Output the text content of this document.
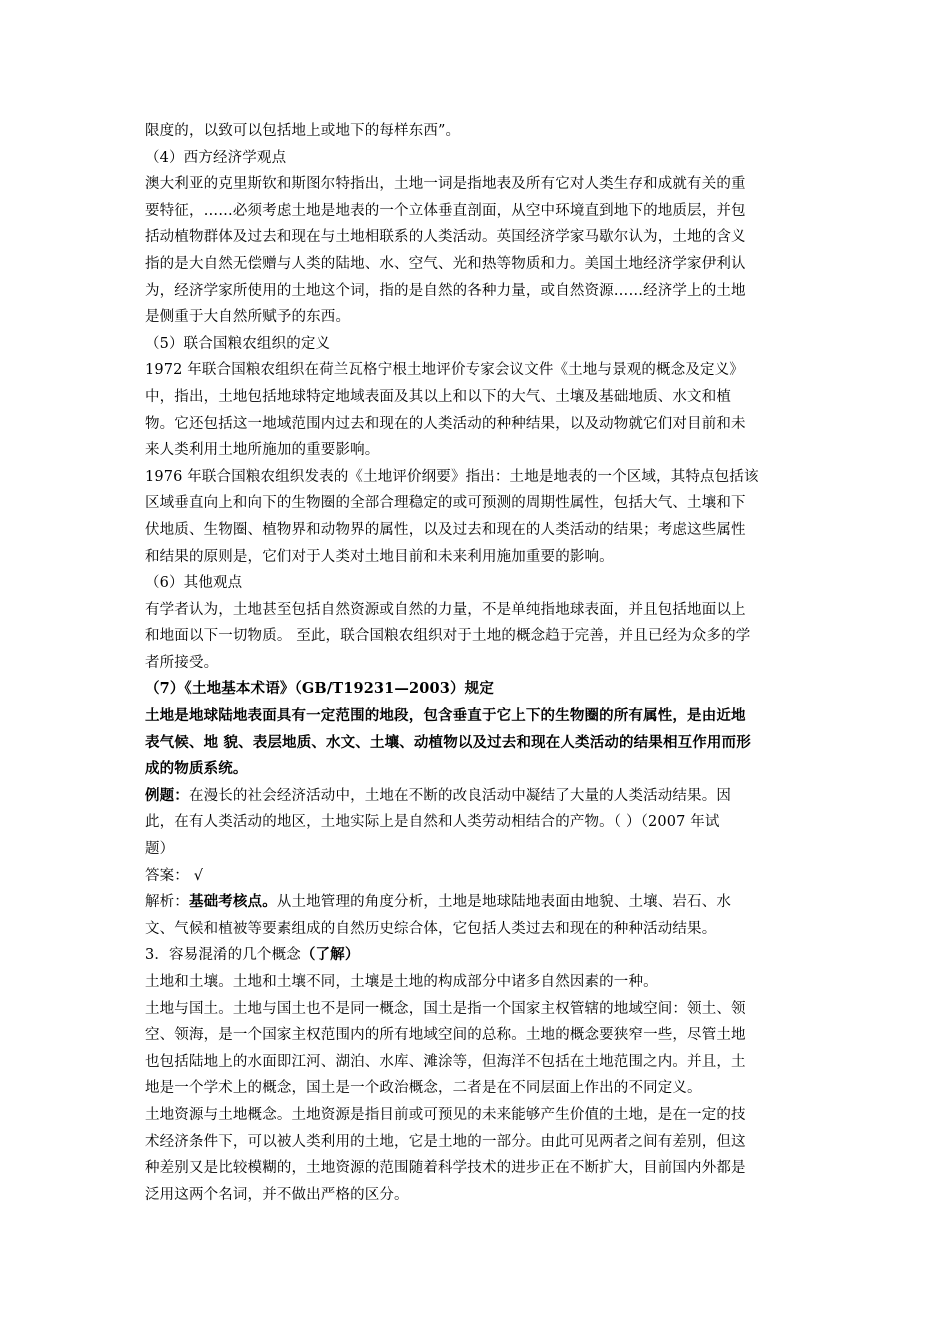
限度的，以致可以包括地上或地下的每样东西”。
（4）西方经济学观点
澳大利亚的克里斯钦和斯图尔特指出，土地一词是指地表及所有它对人类生存和成就有关的重
要特征，……必须考虑土地是地表的一个立体垂直剖面，从空中环境直到地下的地质层，并包
括动植物群体及过去和现在与土地相联系的人类活动。英国经济学家马歇尔认为，土地的含义
指的是大自然无偿赠与人类的陆地、水、空气、光和热等物质和力。美国土地经济学家伊利认
为，经济学家所使用的土地这个词，指的是自然的各种力量，或自然资源……经济学上的土地
是侧重于大自然所赋予的东西。
（5）联合国粮农组织的定义
1972 年联合国粮农组织在荷兰瓦格宁根土地评价专家会议文件《土地与景观的概念及定义》
中，指出，土地包括地球特定地域表面及其以上和以下的大气、土壤及基础地质、水文和植
物。它还包括这一地域范围内过去和现在的人类活动的种种结果，以及动物就它们对目前和未
来人类利用土地所施加的重要影响。
1976 年联合国粮农组织发表的《土地评价纲要》指出：土地是地表的一个区域，其特点包括该
区域垂直向上和向下的生物圈的全部合理稳定的或可预测的周期性属性，包括大气、土壤和下
伏地质、生物圈、植物界和动物界的属性，以及过去和现在的人类活动的结果；考虑这些属性
和结果的原则是，它们对于人类对土地目前和未来利用施加重要的影响。
（6）其他观点
有学者认为，土地甚至包括自然资源或自然的力量，不是单纯指地球表面，并且包括地面以上
和地面以下一切物质。 至此，联合国粮农组织对于土地的概念趋于完善，并且已经为众多的学
者所接受。
（7）《土地基本术语》（GB/T19231—2003）规定
土地是地球陆地表面具有一定范围的地段，包含垂直于它上下的生物圈的所有属性，是由近地
表气候、地 貌、表层地质、水文、土壤、动植物以及过去和现在人类活动的结果相互作用而形
成的物质系统。
例题：在漫长的社会经济活动中，土地在不断的改良活动中凝结了大量的人类活动结果。因
此，在有人类活动的地区，土地实际上是自然和人类劳动相结合的产物。（ ）（2007 年试
题）
答案： √
解析：基础考核点。从土地管理的角度分析，土地是地球陆地表面由地貌、土壤、岩石、水
文、气候和植被等要素组成的自然历史综合体，它包括人类过去和现在的种种活动结果。
3．容易混淆的几个概念（了解）
土地和土壤。土地和土壤不同，土壤是土地的构成部分中诸多自然因素的一种。
土地与国土。土地与国土也不是同一概念，国土是指一个国家主权管辖的地域空间：领土、领
空、领海，是一个国家主权范围内的所有地域空间的总称。土地的概念要狭窄一些，尽管土地
也包括陆地上的水面即江河、湖泊、水库、滩涂等，但海洋不包括在土地范围之内。并且，土
地是一个学术上的概念，国土是一个政治概念，二者是在不同层面上作出的不同定义。
土地资源与土地概念。土地资源是指目前或可预见的未来能够产生价值的土地，是在一定的技
术经济条件下，可以被人类利用的土地，它是土地的一部分。由此可见两者之间有差别，但这
种差别又是比较模糊的，土地资源的范围随着科学技术的进步正在不断扩大，目前国内外都是
泛用这两个名词，并不做出严格的区分。
